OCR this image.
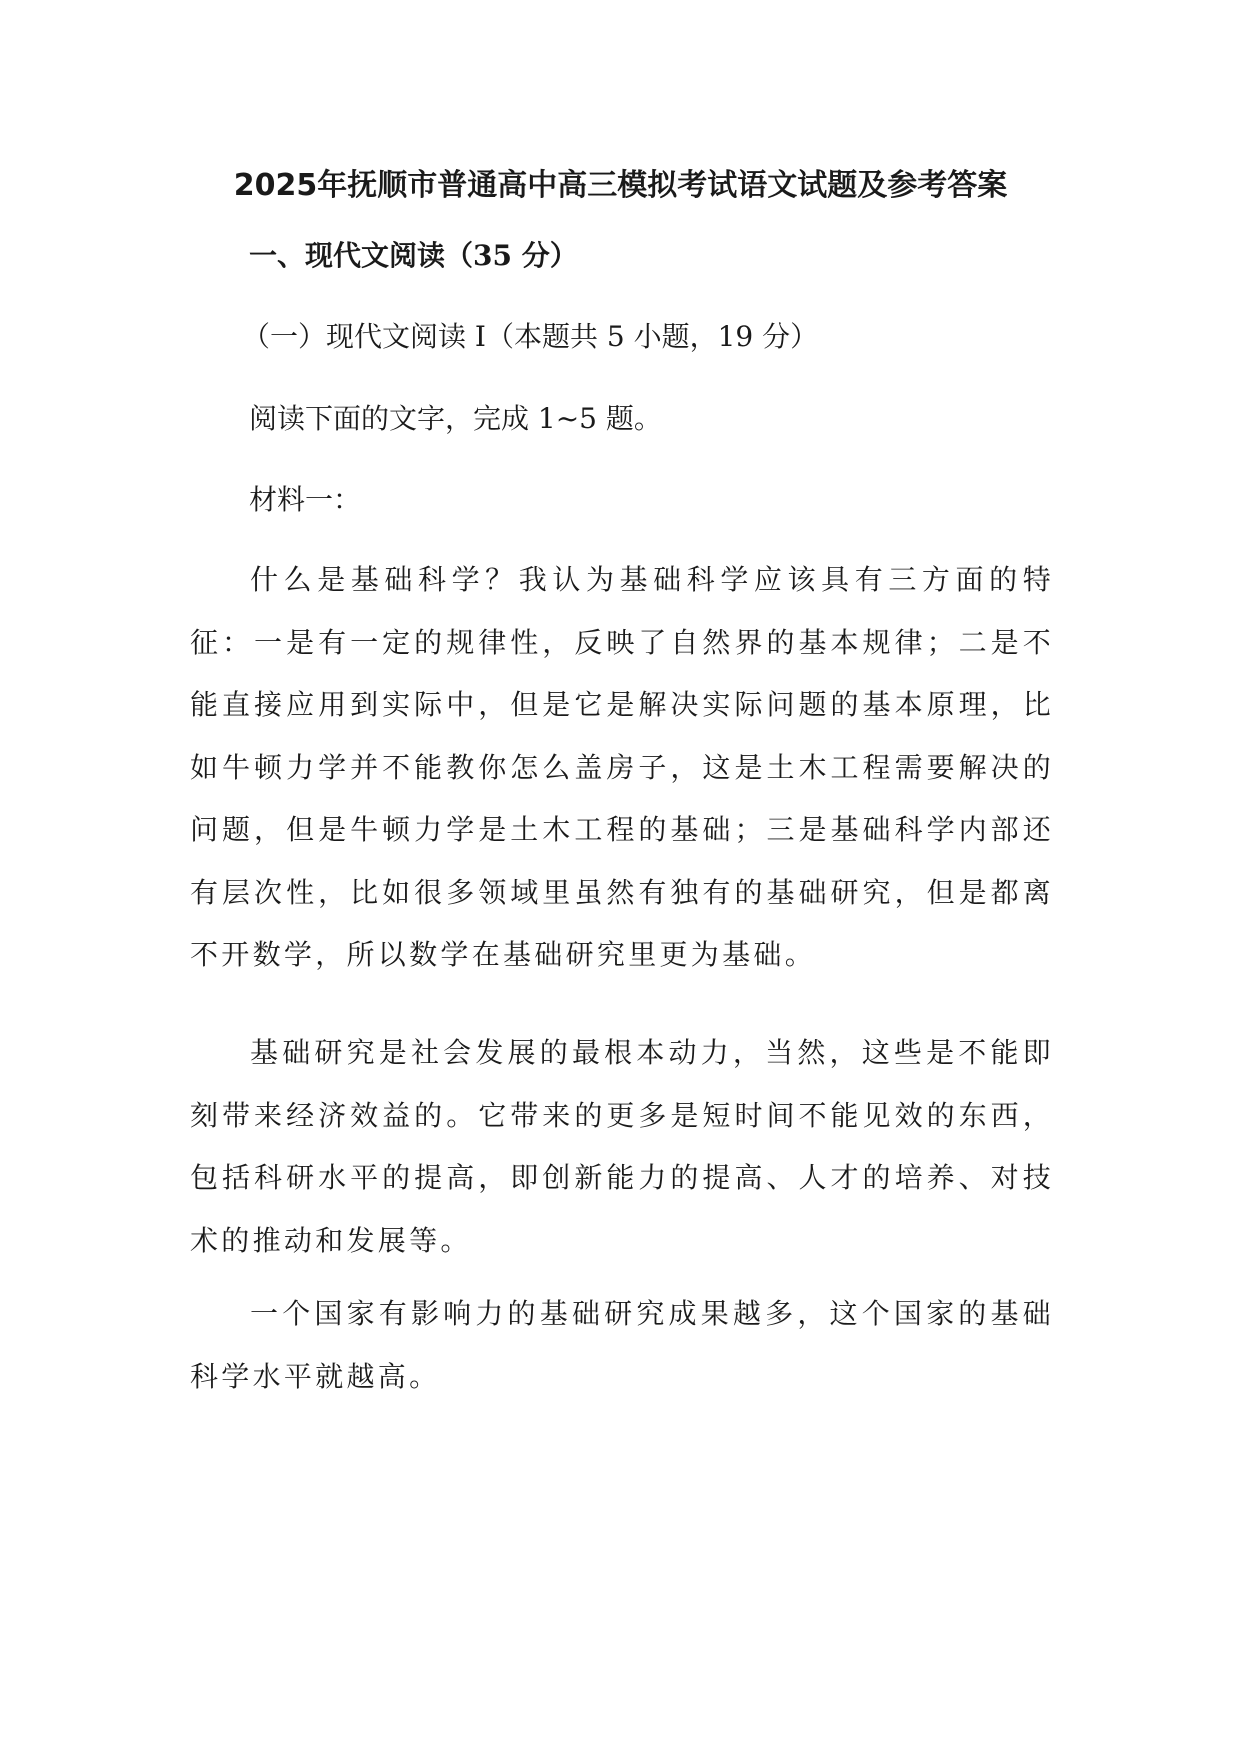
2025年抚顺市普通高中高三模拟考试语文试题及参考答案
一、现代文阅读（35 分）
（一）现代文阅读 I（本题共 5 小题，19 分）
阅读下面的文字，完成 1~5 题。
材料一：

什么是基础科学？我认为基础科学应该具有三方面的特征：一是有一定的规律性，反映了自然界的基本规律；二是不能直接应用到实际中，但是它是解决实际问题的基本原理，比如牛顿力学并不能教你怎么盖房子，这是土木工程需要解决的问题，但是牛顿力学是土木工程的基础；三是基础科学内部还有层次性，比如很多领域里虽然有独有的基础研究，但是都离不开数学，所以数学在基础研究里更为基础。

基础研究是社会发展的最根本动力，当然，这些是不能即刻带来经济效益的。它带来的更多是短时间不能见效的东西，包括科研水平的提高，即创新能力的提高、人才的培养、对技术的推动和发展等。

一个国家有影响力的基础研究成果越多，这个国家的基础科学水平就越高。
